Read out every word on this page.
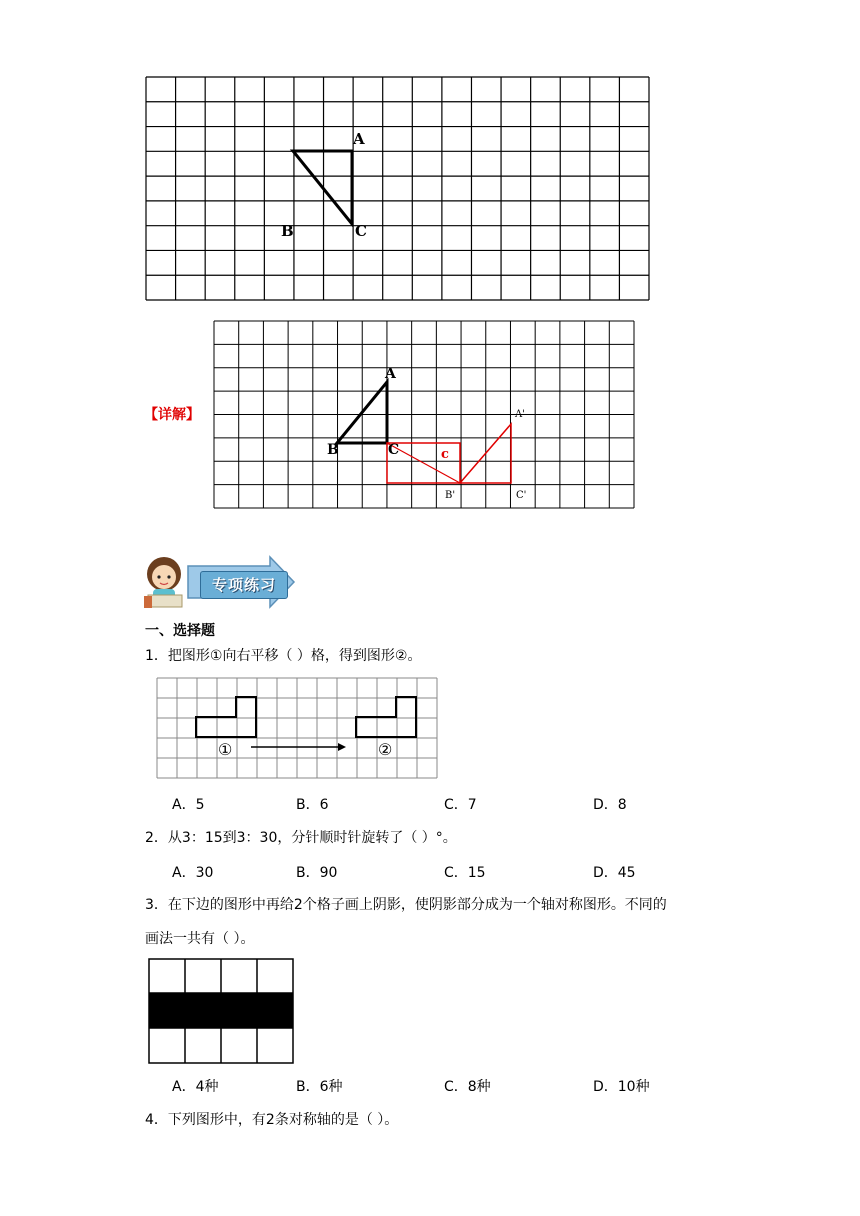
A
B	C
【详解】
A
B	C	c
A'
B'	C'
专项练习
一、选择题
1．把图形①向右平移（ ）格，得到图形②。
①	②
A．5	B．6	C．7	D．8
2．从3：15到3：30，分针顺时针旋转了（ ）°。
A．30	B．90	C．15	D．45
3．在下边的图形中再给2个格子画上阴影，使阴影部分成为一个轴对称图形。不同的
画法一共有（ ）。
A．4种	B．6种	C．8种	D．10种
4．下列图形中，有2条对称轴的是（ ）。
